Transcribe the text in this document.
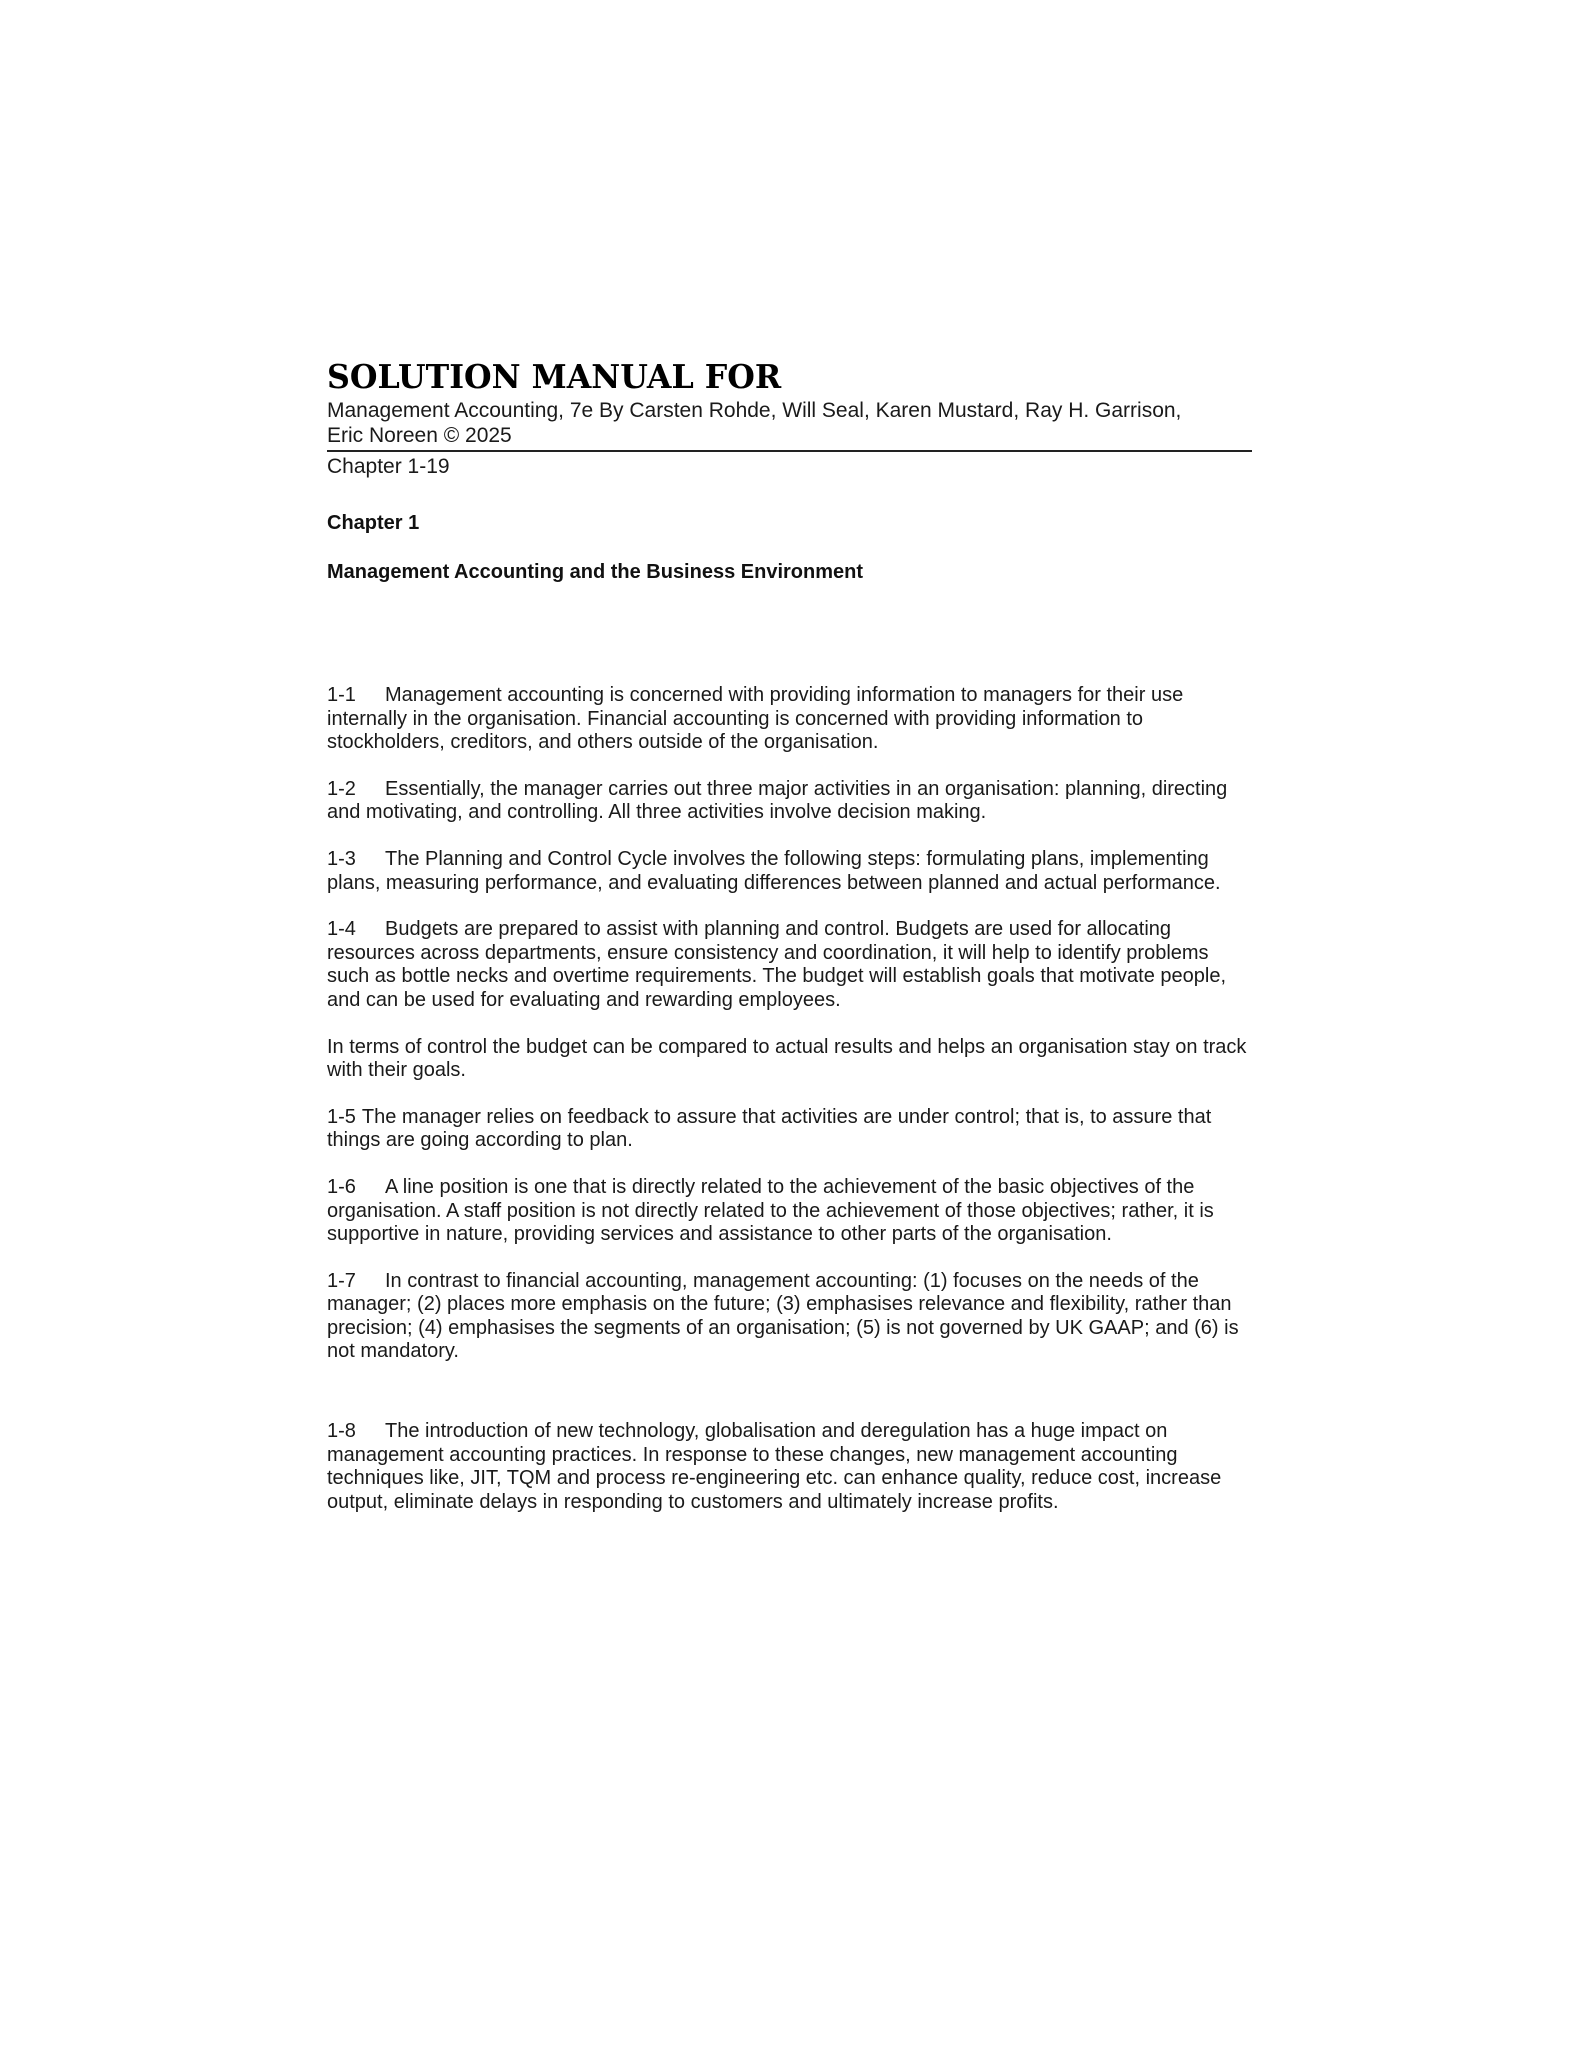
SOLUTION MANUAL FOR
Management Accounting, 7e By Carsten Rohde, Will Seal, Karen Mustard, Ray H. Garrison,
Eric Noreen © 2025
Chapter 1-19
Chapter 1
Management Accounting and the Business Environment

1-1 Management accounting is concerned with providing information to managers for their use internally in the organisation. Financial accounting is concerned with providing information to stockholders, creditors, and others outside of the organisation.

1-2 Essentially, the manager carries out three major activities in an organisation: planning, directing and motivating, and controlling. All three activities involve decision making.

1-3 The Planning and Control Cycle involves the following steps: formulating plans, implementing plans, measuring performance, and evaluating differences between planned and actual performance.

1-4 Budgets are prepared to assist with planning and control. Budgets are used for allocating resources across departments, ensure consistency and coordination, it will help to identify problems such as bottle necks and overtime requirements. The budget will establish goals that motivate people, and can be used for evaluating and rewarding employees.

In terms of control the budget can be compared to actual results and helps an organisation stay on track with their goals.

1-5 The manager relies on feedback to assure that activities are under control; that is, to assure that things are going according to plan.

1-6 A line position is one that is directly related to the achievement of the basic objectives of the organisation. A staff position is not directly related to the achievement of those objectives; rather, it is supportive in nature, providing services and assistance to other parts of the organisation.

1-7 In contrast to financial accounting, management accounting: (1) focuses on the needs of the manager; (2) places more emphasis on the future; (3) emphasises relevance and flexibility, rather than precision; (4) emphasises the segments of an organisation; (5) is not governed by UK GAAP; and (6) is not mandatory.

1-8 The introduction of new technology, globalisation and deregulation has a huge impact on management accounting practices. In response to these changes, new management accounting techniques like, JIT, TQM and process re-engineering etc. can enhance quality, reduce cost, increase output, eliminate delays in responding to customers and ultimately increase profits.
